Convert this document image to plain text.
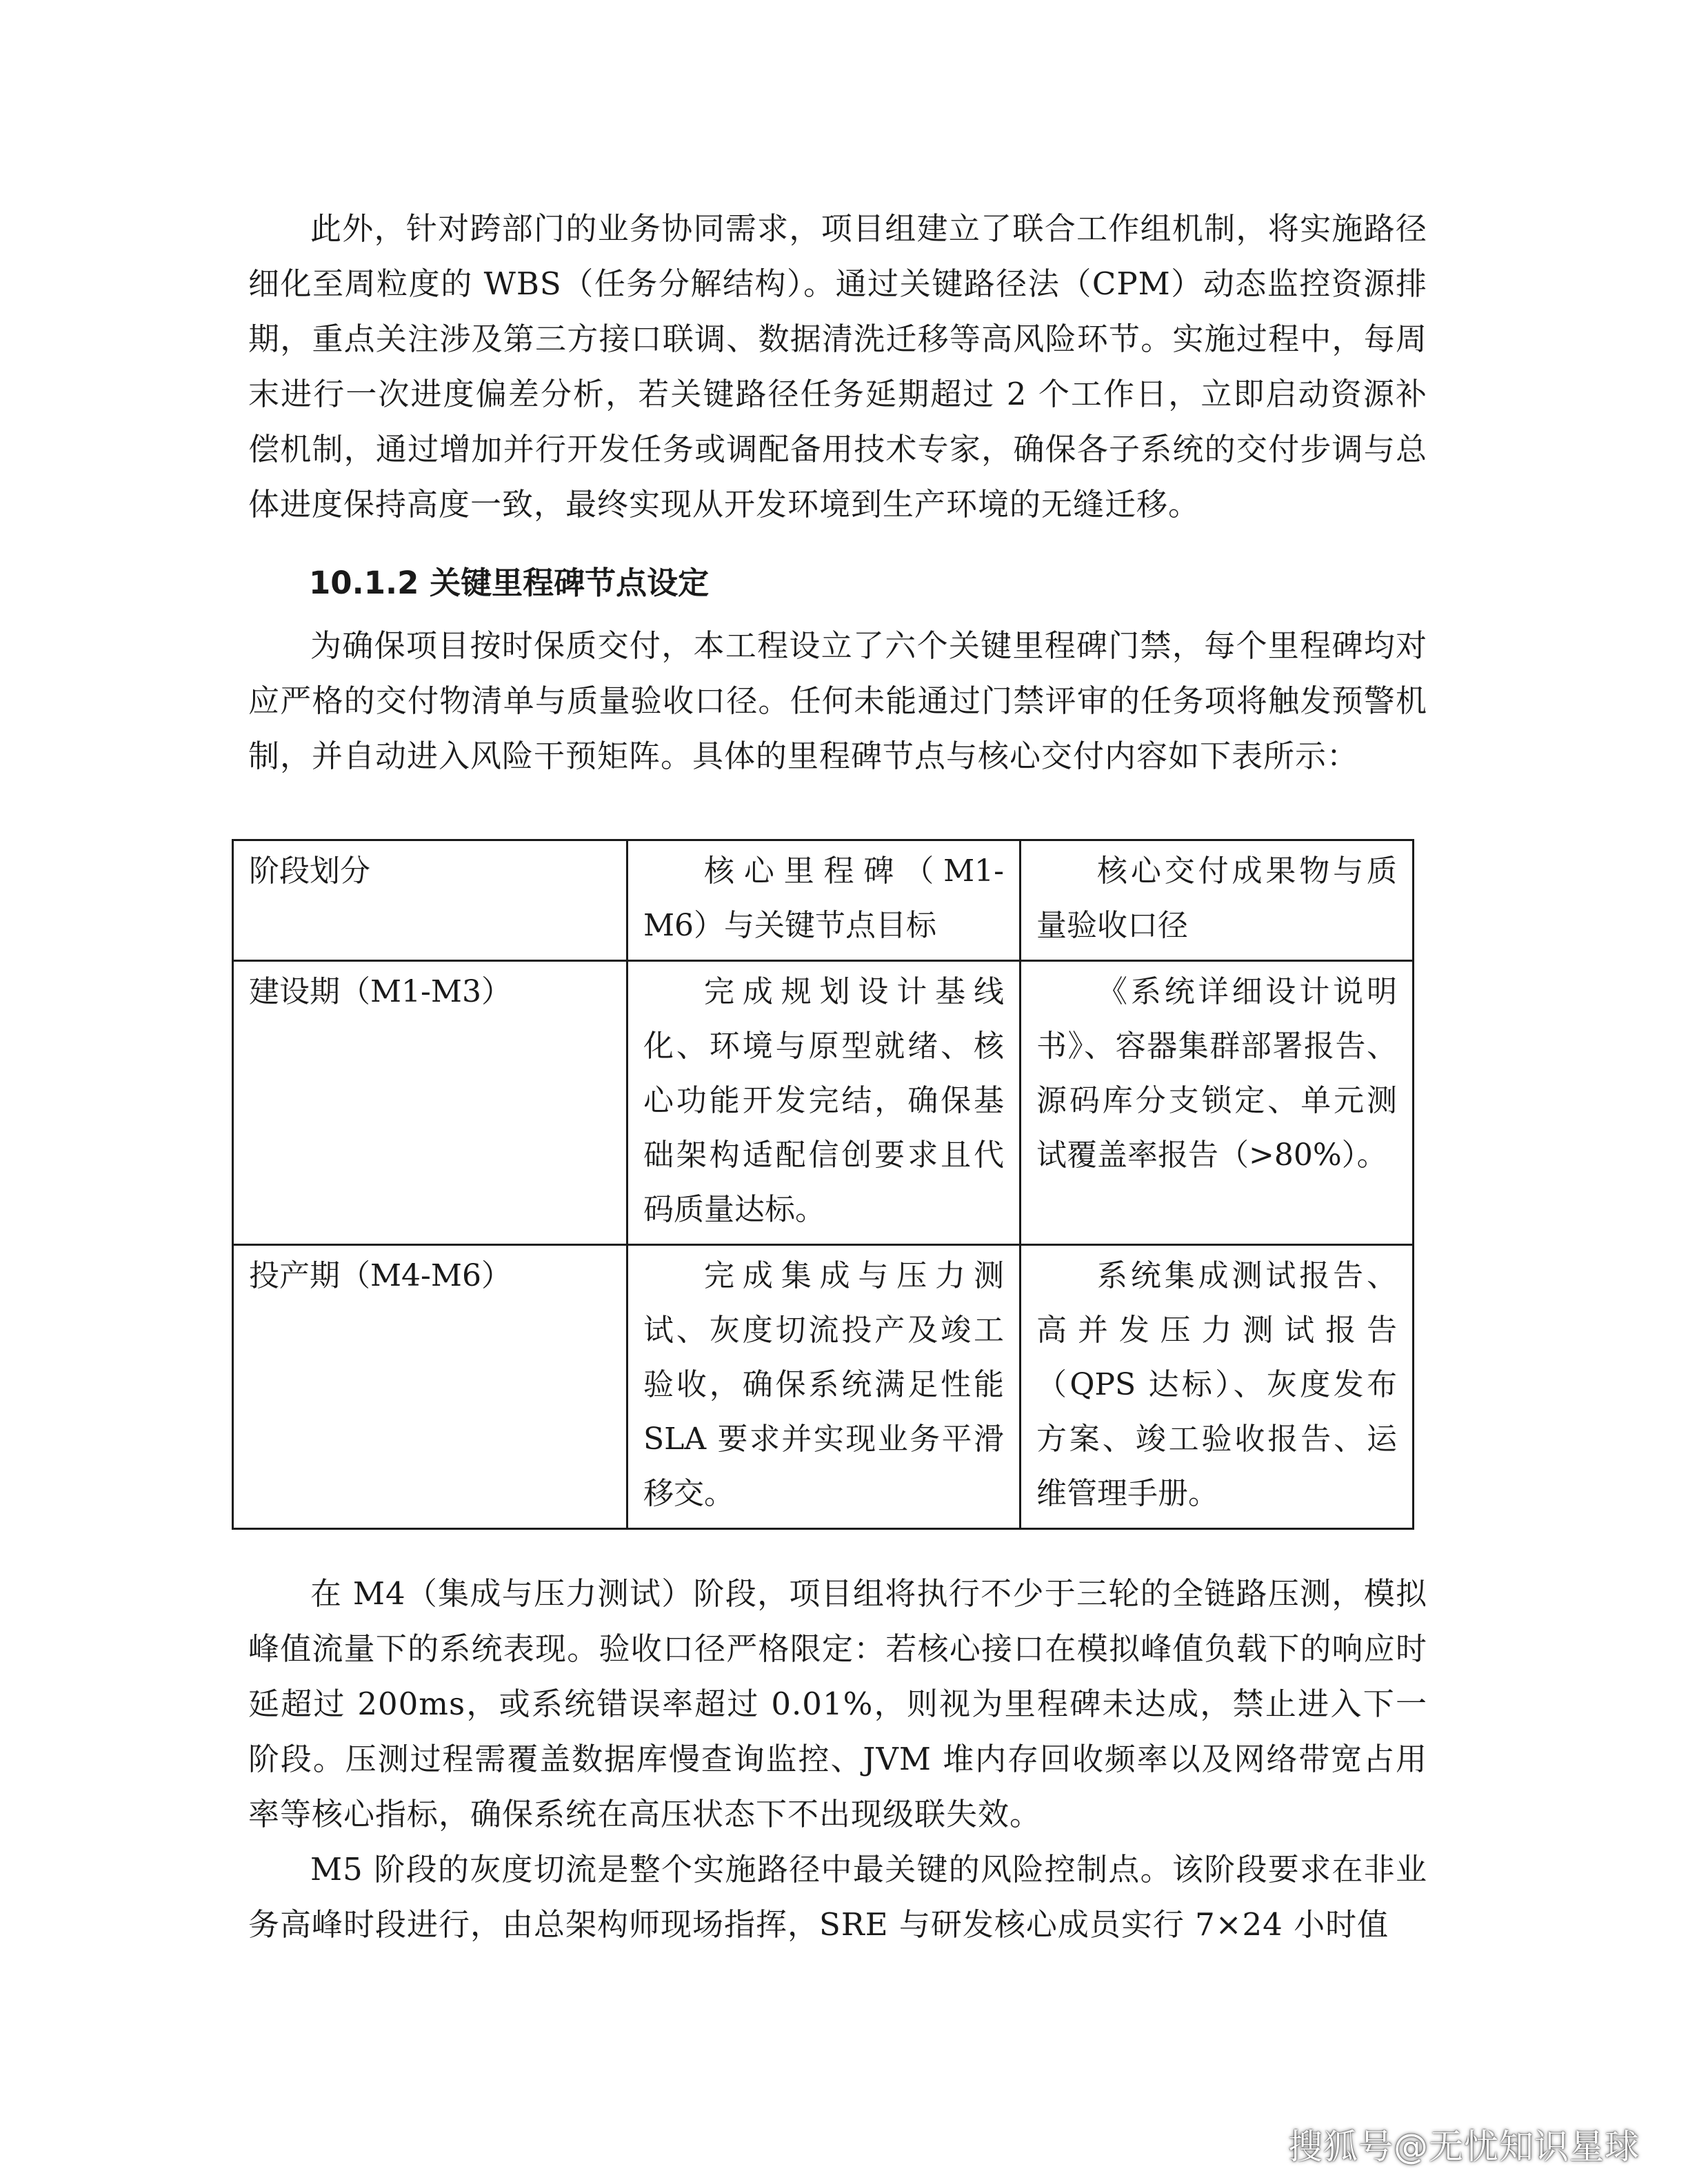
此外，针对跨部门的业务协同需求，项目组建立了联合工作组机制，将实施路径细化至周粒度的 WBS（任务分解结构）。通过关键路径法（CPM）动态监控资源排期，重点关注涉及第三方接口联调、数据清洗迁移等高风险环节。实施过程中，每周末进行一次进度偏差分析，若关键路径任务延期超过 2 个工作日，立即启动资源补偿机制，通过增加并行开发任务或调配备用技术专家，确保各子系统的交付步调与总体进度保持高度一致，最终实现从开发环境到生产环境的无缝迁移。

10.1.2 关键里程碑节点设定

为确保项目按时保质交付，本工程设立了六个关键里程碑门禁，每个里程碑均对应严格的交付物清单与质量验收口径。任何未能通过门禁评审的任务项将触发预警机制，并自动进入风险干预矩阵。具体的里程碑节点与核心交付内容如下表所示：

阶段划分	核心里程碑（M1-M6）与关键节点目标	核心交付成果物与质量验收口径

建设期（M1-M3）	完成规划设计基线化、环境与原型就绪、核心功能开发完结，确保基础架构适配信创要求且代码质量达标。	《系统详细设计说明书》、容器集群部署报告、源码库分支锁定、单元测试覆盖率报告（>80%）。

投产期（M4-M6）	完成集成与压力测试、灰度切流投产及竣工验收，确保系统满足性能 SLA 要求并实现业务平滑移交。	系统集成测试报告、高并发压力测试报告（QPS 达标）、灰度发布方案、竣工验收报告、运维管理手册。

在 M4（集成与压力测试）阶段，项目组将执行不少于三轮的全链路压测，模拟峰值流量下的系统表现。验收口径严格限定：若核心接口在模拟峰值负载下的响应时延超过 200ms，或系统错误率超过 0.01%，则视为里程碑未达成，禁止进入下一阶段。压测过程需覆盖数据库慢查询监控、JVM 堆内存回收频率以及网络带宽占用率等核心指标，确保系统在高压状态下不出现级联失效。

M5 阶段的灰度切流是整个实施路径中最关键的风险控制点。该阶段要求在非业务高峰时段进行，由总架构师现场指挥，SRE 与研发核心成员实行 7×24 小时值

搜狐号@无忧知识星球
